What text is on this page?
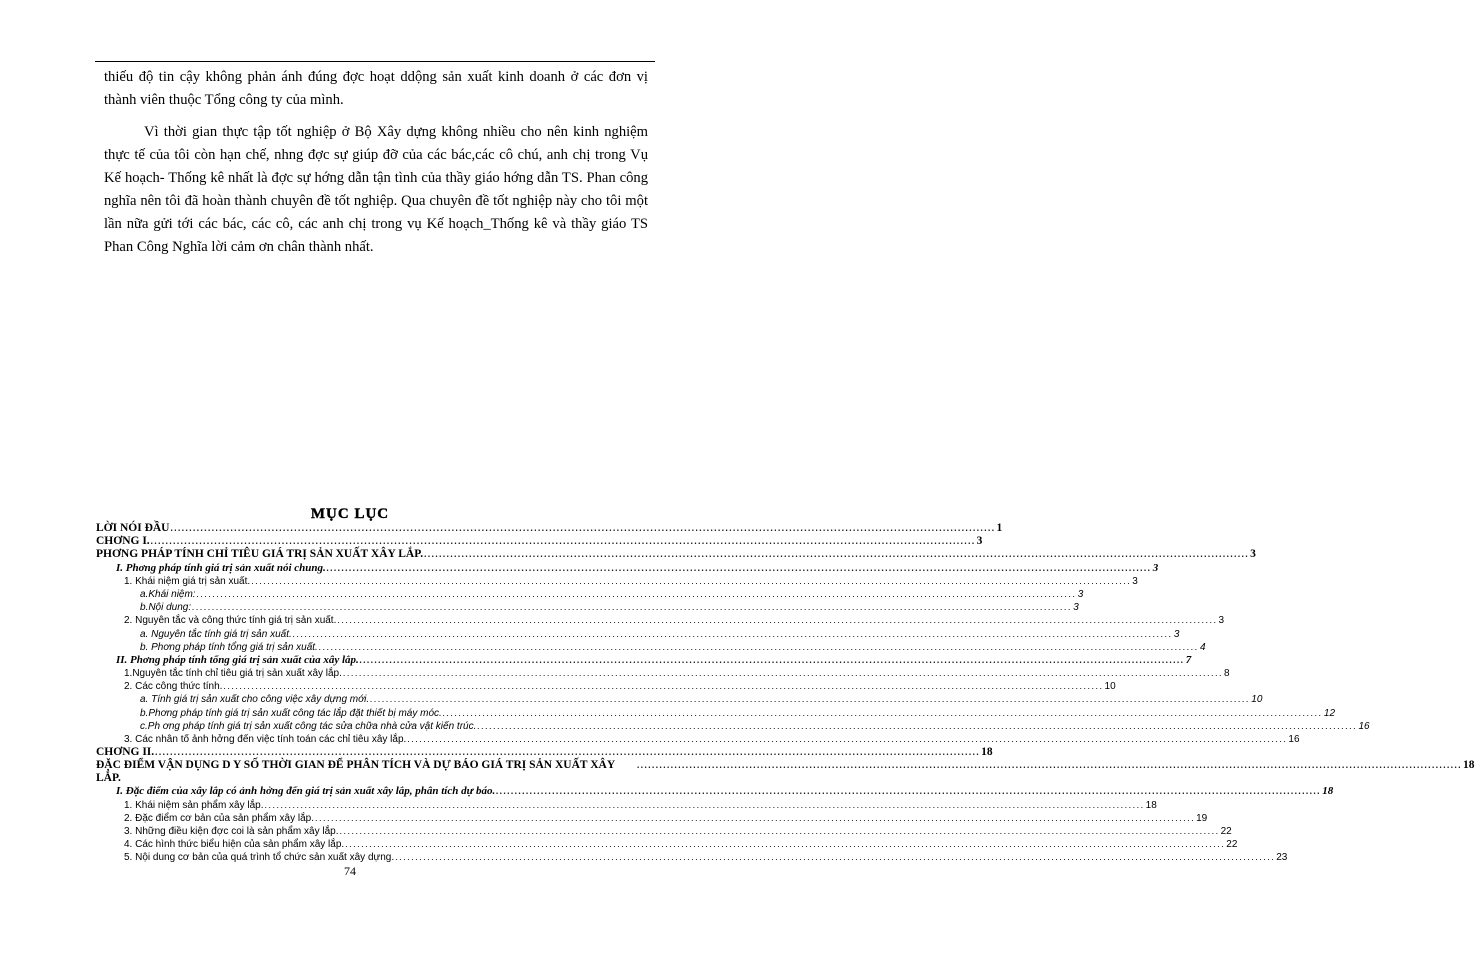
thiếu độ tin cậy không phản ánh đúng đợc hoạt ddộng sản xuất kinh doanh ở các đơn vị thành viên thuộc Tổng công ty của mình.

Vì thời gian thực tập tốt nghiệp ở Bộ Xây dựng không nhiều cho nên kinh nghiệm thực tế của tôi còn hạn chế, nhng đợc sự giúp đỡ của các bác,các cô chú, anh chị trong Vụ Kế hoạch- Thống kê nhất là đợc sự hớng dẫn tận tình của thầy giáo hớng dẫn TS. Phan công nghĩa nên tôi đã hoàn thành chuyên đề tốt nghiệp. Qua chuyên đề tốt nghiệp này cho tôi một lần nữa gửi tới các bác, các cô, các anh chị trong vụ Kế hoạch_Thống kê và thầy giáo TS Phan Công Nghĩa lời cảm ơn chân thành nhất.

MỤC LỤC
LỜI NÓI ĐẦU ............................................................................................................................................................................................................................ 1
CHƠNG I. ............................................................................................................................................................................................................................ 3
PHƠNG PHÁP TÍNH CHỈ TIÊU GIÁ TRỊ SẢN XUẤT XÂY LẮP. ............................................................................................................................................................................................................................ 3
I. Phơng pháp tính giá trị sản xuất nói chung. ............................................................................................................................................................................................................................ 3
1. Khái niệm giá trị sản xuất. ............................................................................................................................................................................................................................ 3
a.Khái niệm: ............................................................................................................................................................................................................................ 3
b.Nội dung: ............................................................................................................................................................................................................................ 3
2. Nguyên tắc và công thức tính giá trị sản xuất. ............................................................................................................................................................................................................................ 3
a. Nguyên tắc tính giá trị sản xuất. ............................................................................................................................................................................................................................ 3
b. Phơng pháp tính tổng giá trị sản xuất. ............................................................................................................................................................................................................................ 4
II. Phơng pháp tính tổng giá trị sản xuất của xây lắp. ............................................................................................................................................................................................................................ 7
1.Nguyên tắc tính chỉ tiêu giá trị sản xuất xây lắp. ............................................................................................................................................................................................................................ 8
2. Các công thức tính. ............................................................................................................................................................................................................................ 10
a. Tính giá trị sản xuất cho công việc xây dựng mới. ............................................................................................................................................................................................................................ 10
b.Phơng pháp tính giá trị sản xuất công tác lắp đặt thiết bị máy móc. ............................................................................................................................................................................................................................ 12
c.Ph ơng pháp tính giá trị sản xuất công tác sửa chữa nhà cửa vật kiến trúc. ............................................................................................................................................................................................................................ 16
3. Các nhân tố ảnh hởng đến việc tính toán các chỉ tiêu xây lắp. ............................................................................................................................................................................................................................ 16
CHƠNG II. ............................................................................................................................................................................................................................ 18
ĐẶC ĐIỂM VẬN DỤNG D Y SỐ THỜI GIAN ĐỂ PHÂN TÍCH VÀ DỰ BÁO GIÁ TRỊ SẢN XUẤT XÂY LẮP.
............................................................................................................................................................................................................................ 18
I. Đặc điểm của xây lắp có ảnh hởng đến giá trị sản xuất xây lắp, phân tích dự báo. ............................................................................................................................................................................................................................ 18
1. Khái niệm sản phẩm xây lắp. ............................................................................................................................................................................................................................ 18
2. Đặc điểm cơ bản của sản phẩm xây lắp. ............................................................................................................................................................................................................................ 19
3. Những điều kiện đợc coi là sản phẩm xây lắp. ............................................................................................................................................................................................................................ 22
4. Các hình thức biểu hiện của sản phẩm xây lắp. ............................................................................................................................................................................................................................ 22
5. Nội dung cơ bản của quá trình tổ chức sản xuất xây dựng. ............................................................................................................................................................................................................................ 23
74
